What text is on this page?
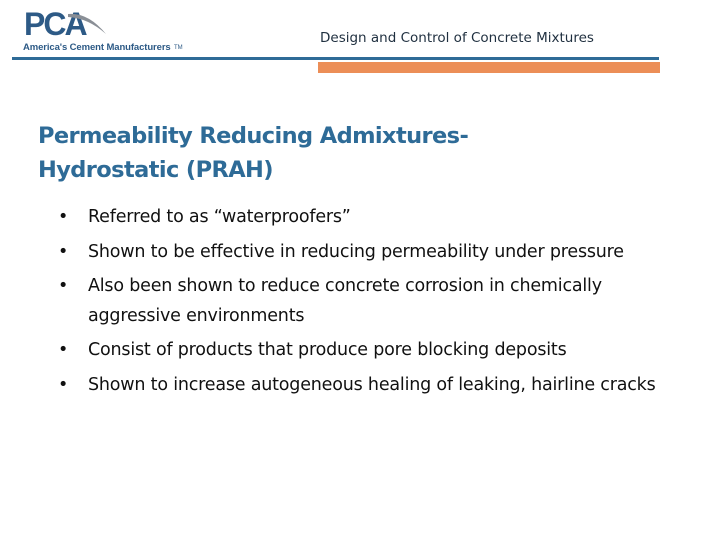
PCA
America's Cement Manufacturers TM
Design and Control of Concrete Mixtures
Permeability Reducing Admixtures-
Hydrostatic (PRAH)
• Referred to as “waterproofers”
• Shown to be effective in reducing permeability under pressure
• Also been shown to reduce concrete corrosion in chemically aggressive environments
• Consist of products that produce pore blocking deposits
• Shown to increase autogeneous healing of leaking, hairline cracks
